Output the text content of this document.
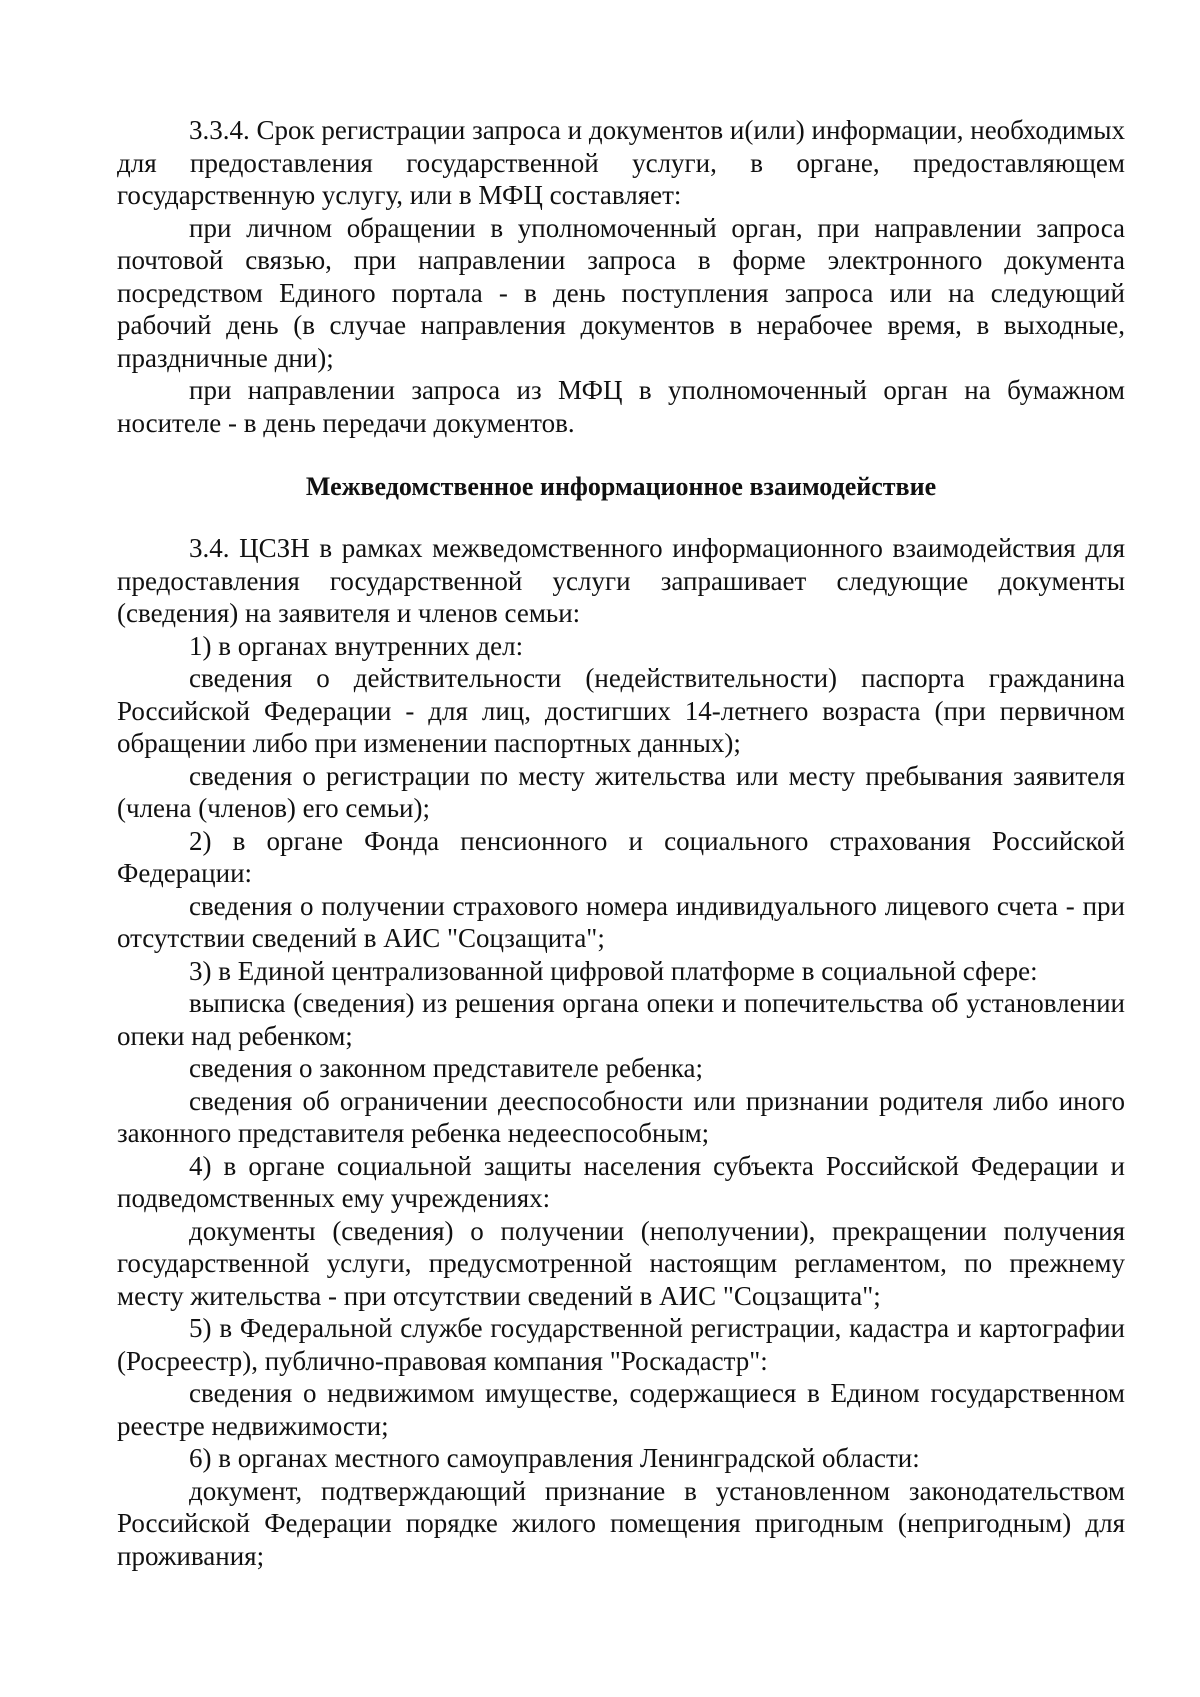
3.3.4. Срок регистрации запроса и документов и(или) информации, необходимых для предоставления государственной услуги, в органе, предоставляющем государственную услугу, или в МФЦ составляет:

при личном обращении в уполномоченный орган, при направлении запроса почтовой связью, при направлении запроса в форме электронного документа посредством Единого портала - в день поступления запроса или на следующий рабочий день (в случае направления документов в нерабочее время, в выходные, праздничные дни);

при направлении запроса из МФЦ в уполномоченный орган на бумажном носителе - в день передачи документов.

Межведомственное информационное взаимодействие

3.4. ЦСЗН в рамках межведомственного информационного взаимодействия для предоставления государственной услуги запрашивает следующие документы (сведения) на заявителя и членов семьи:

1) в органах внутренних дел:

сведения о действительности (недействительности) паспорта гражданина Российской Федерации - для лиц, достигших 14-летнего возраста (при первичном обращении либо при изменении паспортных данных);

сведения о регистрации по месту жительства или месту пребывания заявителя (члена (членов) его семьи);

2) в органе Фонда пенсионного и социального страхования Российской Федерации:

сведения о получении страхового номера индивидуального лицевого счета - при отсутствии сведений в АИС "Соцзащита";

3) в Единой централизованной цифровой платформе в социальной сфере:

выписка (сведения) из решения органа опеки и попечительства об установлении опеки над ребенком;

сведения о законном представителе ребенка;

сведения об ограничении дееспособности или признании родителя либо иного законного представителя ребенка недееспособным;

4) в органе социальной защиты населения субъекта Российской Федерации и подведомственных ему учреждениях:

документы (сведения) о получении (неполучении), прекращении получения государственной услуги, предусмотренной настоящим регламентом, по прежнему месту жительства - при отсутствии сведений в АИС "Соцзащита";

5) в Федеральной службе государственной регистрации, кадастра и картографии (Росреестр), публично-правовая компания "Роскадастр":

сведения о недвижимом имуществе, содержащиеся в Едином государственном реестре недвижимости;

6) в органах местного самоуправления Ленинградской области:

документ, подтверждающий признание в установленном законодательством Российской Федерации порядке жилого помещения пригодным (непригодным) для проживания;
